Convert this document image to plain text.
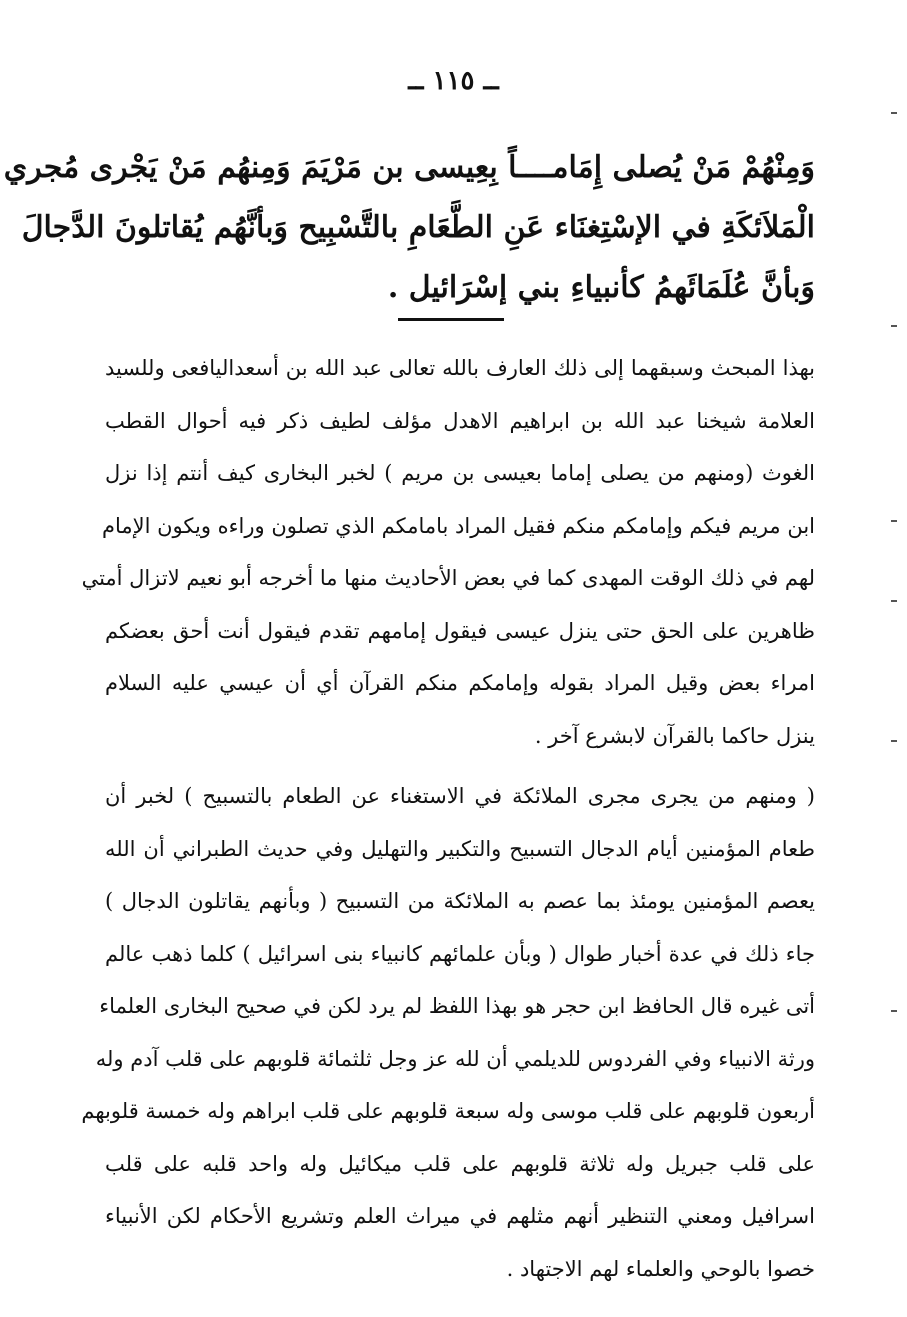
ــ ١١٥ ــ
وَمِنْهُمْ مَنْ يُصلى إِمَامــــاً بِعِيسى بن مَرْيَمَ وَمِنهُم مَنْ يَجْرى مُجري
الْمَلاَئكَةِ في الإسْتِغنَاء عَنِ الطَّعَامِ بالتَّسْبِيح وَبأنَّهُم يُقاتلونَ الدَّجالَ
وَبأنَّ عُلَمَائَهمُ كأنبياءِ بني إسْرَائيل .
بهذا المبحث وسبقهما إلى ذلك العارف بالله تعالى عبد الله بن أسعداليافعى وللسيد
العلامة شيخنا عبد الله بن ابراهيم الاهدل مؤلف لطيف ذكر فيه أحوال القطب
الغوث (ومنهم من يصلى إماما بعيسى بن مريم ) لخبر البخارى كيف أنتم إذا نزل
ابن مريم فيكم وإمامكم منكم فقيل المراد بامامكم الذي تصلون وراءه ويكون الإمام
لهم في ذلك الوقت المهدى كما في بعض الأحاديث منها ما أخرجه أبو نعيم لاتزال أمتي
ظاهرين على الحق حتى ينزل عيسى فيقول إمامهم تقدم فيقول أنت أحق بعضكم
امراء بعض وقيل المراد بقوله وإمامكم منكم القرآن أي أن عيسي عليه السلام
ينزل حاكما بالقرآن لابشرع آخر .
( ومنهم من يجرى مجرى الملائكة في الاستغناء عن الطعام بالتسبيح ) لخبر أن
طعام المؤمنين أيام الدجال التسبيح والتكبير والتهليل وفي حديث الطبراني أن الله
يعصم المؤمنين يومئذ بما عصم به الملائكة من التسبيح ( وبأنهم يقاتلون الدجال )
جاء ذلك في عدة أخبار طوال ( وبأن علمائهم كانبياء بنى اسرائيل ) كلما ذهب عالم
أتى غيره قال الحافظ ابن حجر هو بهذا اللفظ لم يرد لكن في صحيح البخارى العلماء
ورثة الانبياء وفي الفردوس للديلمي أن لله عز وجل ثلثمائة قلوبهم على قلب آدم وله
أربعون قلوبهم على قلب موسى وله سبعة قلوبهم على قلب ابراهم وله خمسة قلوبهم
على قلب جبريل وله ثلاثة قلوبهم على قلب ميكائيل وله واحد قلبه على قلب
اسرافيل ومعني التنظير أنهم مثلهم في ميراث العلم وتشريع الأحكام لكن الأنبياء
خصوا بالوحي والعلماء لهم الاجتهاد .
